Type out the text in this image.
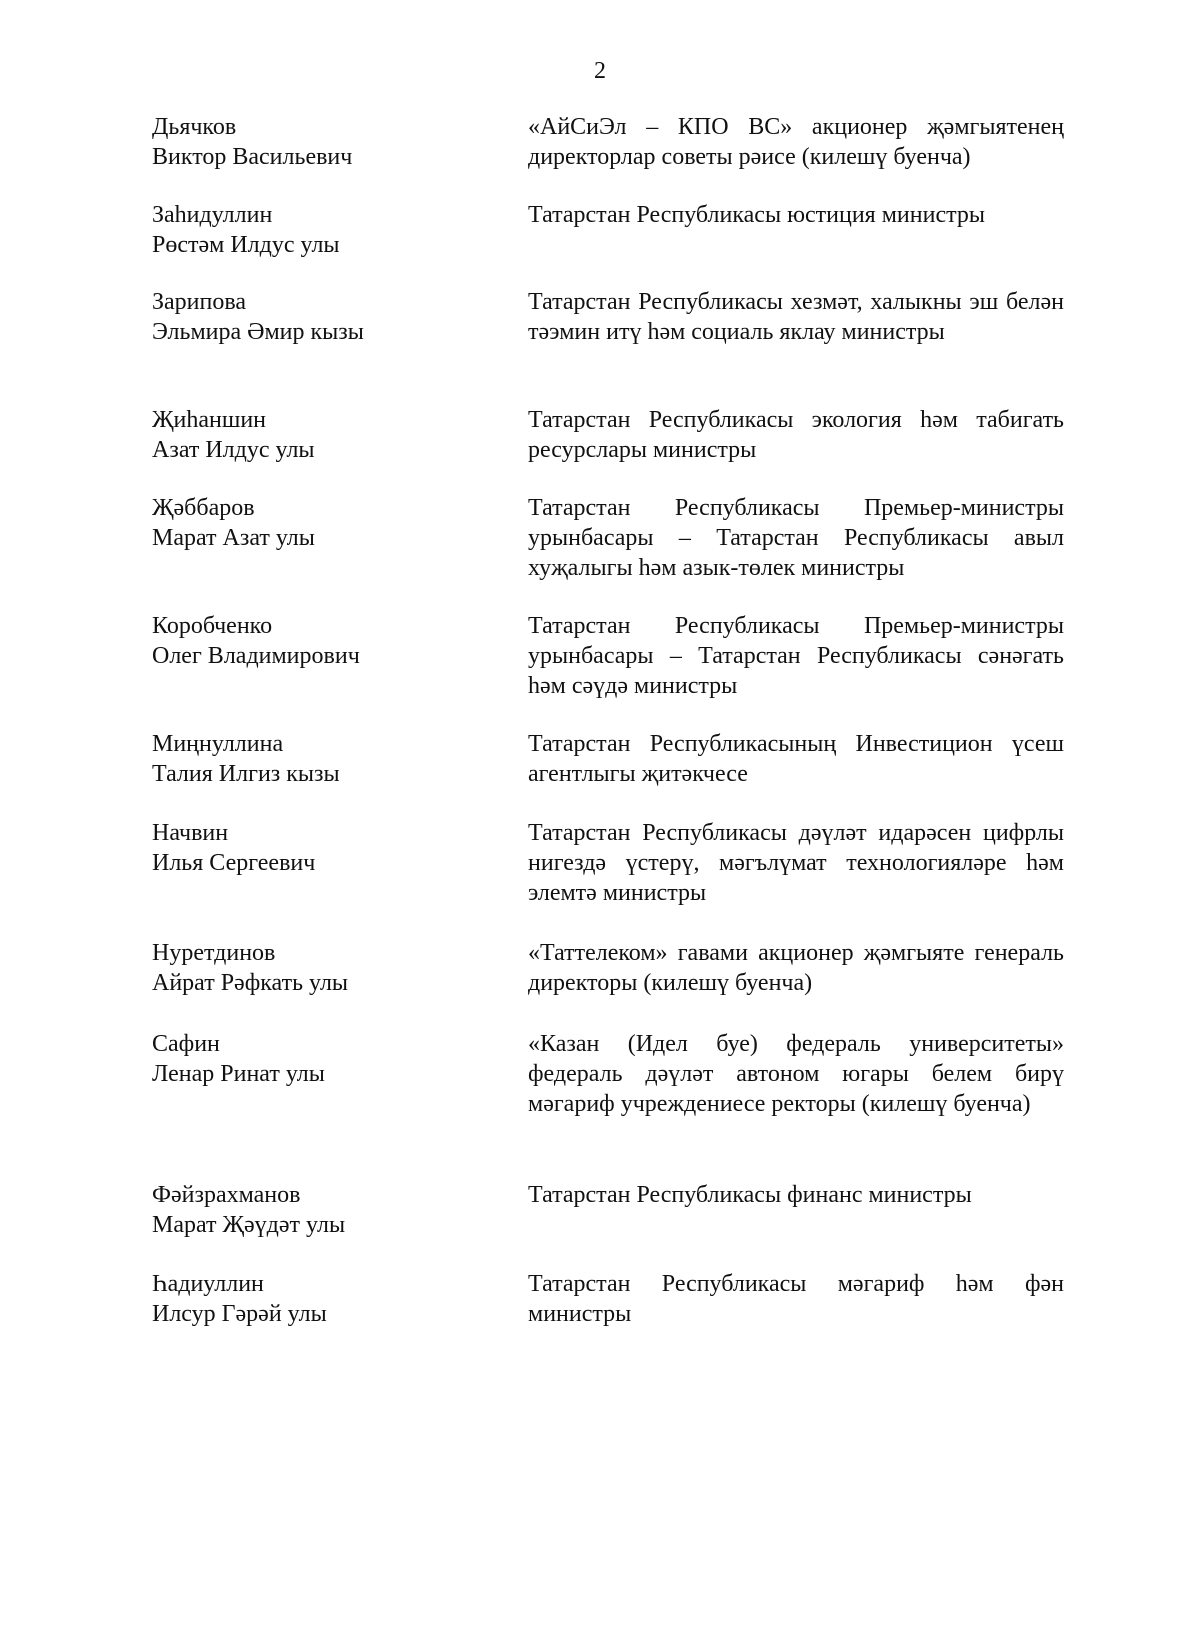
2
Дьячков
Виктор Васильевич
«АйСиЭл – КПО ВС» акционер җәмгыятенең директорлар советы рәисе (килешү буенча)
Заһидуллин
Рөстәм Илдус улы
Татарстан Республикасы юстиция министры
Зарипова
Эльмира Әмир кызы
Татарстан Республикасы хезмәт, халыкны эш белән тәэмин итү һәм социаль яклау министры
Җиһаншин
Азат Илдус улы
Татарстан Республикасы экология һәм табигать ресурслары министры
Җәббаров
Марат Азат улы
Татарстан Республикасы Премьер-министры урынбасары – Татарстан Республикасы авыл хуҗалыгы һәм азык-төлек министры
Коробченко
Олег Владимирович
Татарстан Республикасы Премьер-министры урынбасары – Татарстан Республикасы сәнәгать һәм сәүдә министры
Миңнуллина
Талия Илгиз кызы
Татарстан Республикасының Инвестицион үсеш агентлыгы җитәкчесе
Начвин
Илья Сергеевич
Татарстан Республикасы дәүләт идарәсен цифрлы нигездә үстерү, мәгълүмат технологияләре һәм элемтә министры
Нуретдинов
Айрат Рәфкать улы
«Таттелеком» гавами акционер җәмгыяте генераль директоры (килешү буенча)
Сафин
Ленар Ринат улы
«Казан (Идел буе) федераль университеты» федераль дәүләт автоном югары белем бирү мәгариф учреждениесе ректоры (килешү буенча)
Фәйзрахманов
Марат Җәүдәт улы
Татарстан Республикасы финанс министры
Һадиуллин
Илсур Гәрәй улы
Татарстан Республикасы мәгариф һәм фән министры
